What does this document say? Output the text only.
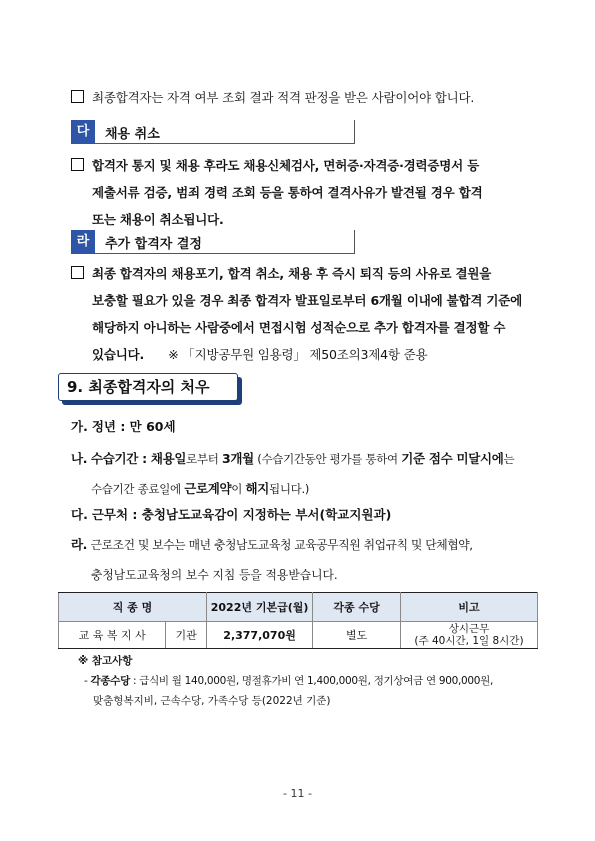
최종합격자는 자격 여부 조회 결과 적격 판정을 받은 사람이어야 합니다.
다	채용 취소
합격자 통지 및 채용 후라도 채용신체검사, 면허증·자격증·경력증명서 등
제출서류 검증, 범죄 경력 조회 등을 통하여 결격사유가 발견될 경우 합격
또는 채용이 취소됩니다.
라	추가 합격자 결정
최종 합격자의 채용포기, 합격 취소, 채용 후 즉시 퇴직 등의 사유로 결원을
보충할 필요가 있을 경우 최종 합격자 발표일로부터 6개월 이내에 불합격 기준에
해당하지 아니하는 사람중에서 면접시험 성적순으로 추가 합격자를 결정할 수
있습니다. ※ 「지방공무원 임용령」 제50조의3제4항 준용
9. 최종합격자의 처우
가. 정년 : 만 60세
나. 수습기간 : 채용일로부터 3개월 (수습기간동안 평가를 통하여 기준 점수 미달시에는
수습기간 종료일에 근로계약이 해지됩니다.)
다. 근무처 : 충청남도교육감이 지정하는 부서(학교지원과)
라. 근로조건 및 보수는 매년 충청남도교육청 교육공무직원 취업규칙 및 단체협약,
충청남도교육청의 보수 지침 등을 적용받습니다.
직 종 명		2022년 기본급(월)	각종 수당	비고
교 육 복 지 사	기관	2,377,070원	별도	상시근무
(주 40시간, 1일 8시간)
※ 참고사항
- 각종수당 : 급식비 월 140,000원, 명절휴가비 연 1,400,000원, 정기상여금 연 900,000원,
맞춤형복지비, 근속수당, 가족수당 등(2022년 기준)
- 11 -
